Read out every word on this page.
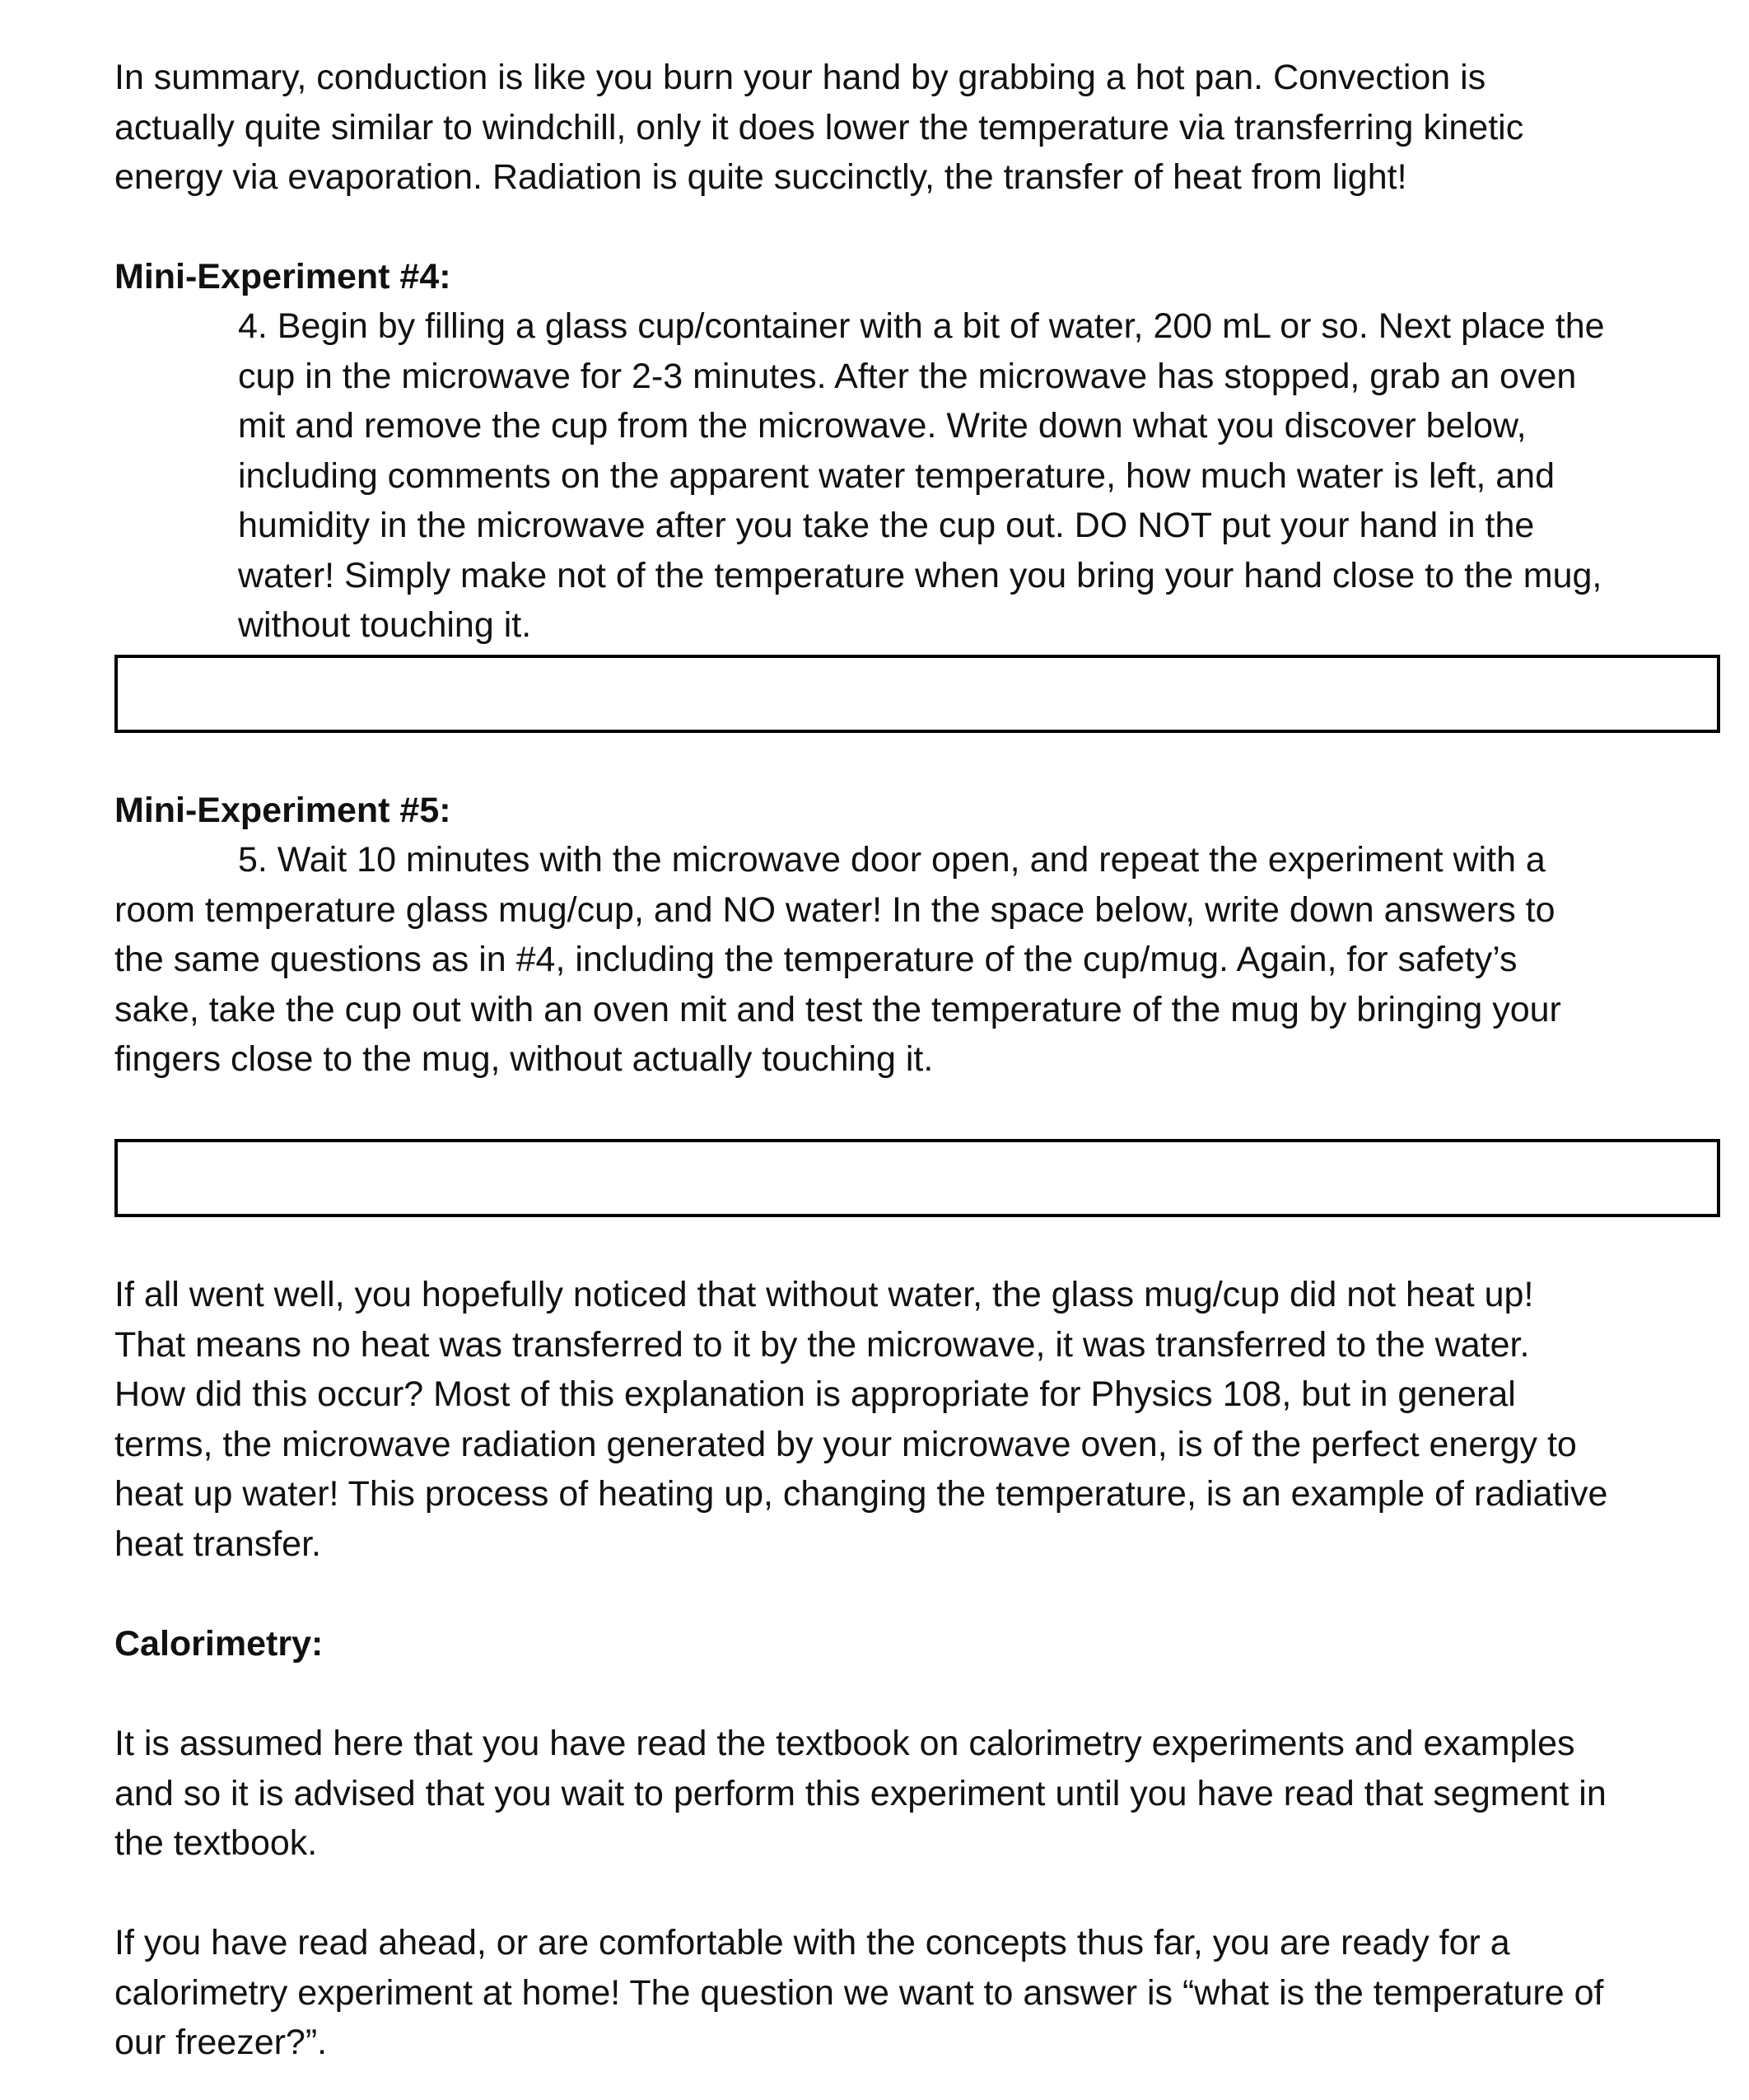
In summary, conduction is like you burn your hand by grabbing a hot pan. Convection is
actually quite similar to windchill, only it does lower the temperature via transferring kinetic
energy via evaporation. Radiation is quite succinctly, the transfer of heat from light!

Mini-Experiment #4:

4. Begin by filling a glass cup/container with a bit of water, 200 mL or so. Next place the
cup in the microwave for 2-3 minutes. After the microwave has stopped, grab an oven
mit and remove the cup from the microwave. Write down what you discover below,
including comments on the apparent water temperature, how much water is left, and
humidity in the microwave after you take the cup out. DO NOT put your hand in the
water! Simply make not of the temperature when you bring your hand close to the mug,
without touching it.

Mini-Experiment #5:

5. Wait 10 minutes with the microwave door open, and repeat the experiment with a
room temperature glass mug/cup, and NO water! In the space below, write down answers to
the same questions as in #4, including the temperature of the cup/mug. Again, for safety’s
sake, take the cup out with an oven mit and test the temperature of the mug by bringing your
fingers close to the mug, without actually touching it.

If all went well, you hopefully noticed that without water, the glass mug/cup did not heat up!
That means no heat was transferred to it by the microwave, it was transferred to the water.
How did this occur? Most of this explanation is appropriate for Physics 108, but in general
terms, the microwave radiation generated by your microwave oven, is of the perfect energy to
heat up water! This process of heating up, changing the temperature, is an example of radiative
heat transfer.

Calorimetry:

It is assumed here that you have read the textbook on calorimetry experiments and examples
and so it is advised that you wait to perform this experiment until you have read that segment in
the textbook.

If you have read ahead, or are comfortable with the concepts thus far, you are ready for a
calorimetry experiment at home! The question we want to answer is “what is the temperature of
our freezer?”.
